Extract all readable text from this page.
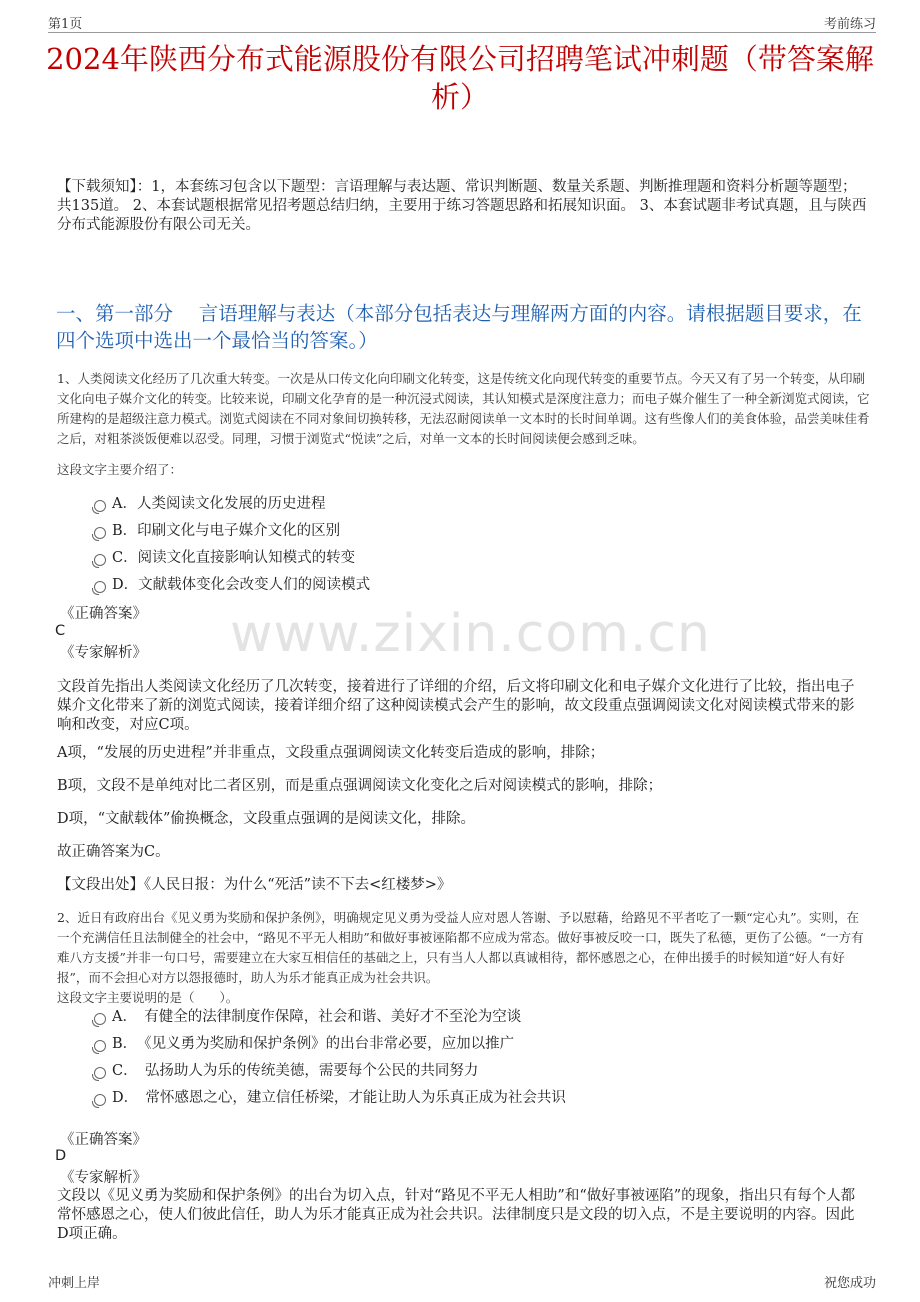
第1页	考前练习
2024年陕西分布式能源股份有限公司招聘笔试冲刺题（带答案解析）
【下载须知】：1，本套练习包含以下题型：言语理解与表达题、常识判断题、数量关系题、判断推理题和资料分析题等题型；共135道。 2、本套试题根据常见招考题总结归纳，主要用于练习答题思路和拓展知识面。 3、本套试题非考试真题，且与陕西分布式能源股份有限公司无关。
一、第一部分　 言语理解与表达（本部分包括表达与理解两方面的内容。请根据题目要求，在四个选项中选出一个最恰当的答案。）
1、人类阅读文化经历了几次重大转变。一次是从口传文化向印刷文化转变，这是传统文化向现代转变的重要节点。今天又有了另一个转变，从印刷文化向电子媒介文化的转变。比较来说，印刷文化孕育的是一种沉浸式阅读，其认知模式是深度注意力；而电子媒介催生了一种全新浏览式阅读，它所建构的是超级注意力模式。浏览式阅读在不同对象间切换转移，无法忍耐阅读单一文本时的长时间单调。这有些像人们的美食体验，品尝美味佳肴之后，对粗茶淡饭便难以忍受。同理，习惯于浏览式“悦读”之后，对单一文本的长时间阅读便会感到乏味。
这段文字主要介绍了：
A．人类阅读文化发展的历史进程
B．印刷文化与电子媒介文化的区别
C．阅读文化直接影响认知模式的转变
D．文献载体变化会改变人们的阅读模式
《正确答案》
C
《专家解析》
文段首先指出人类阅读文化经历了几次转变，接着进行了详细的介绍，后文将印刷文化和电子媒介文化进行了比较，指出电子媒介文化带来了新的浏览式阅读，接着详细介绍了这种阅读模式会产生的影响，故文段重点强调阅读文化对阅读模式带来的影响和改变，对应C项。
A项，“发展的历史进程”并非重点，文段重点强调阅读文化转变后造成的影响，排除；
B项，文段不是单纯对比二者区别，而是重点强调阅读文化变化之后对阅读模式的影响，排除；
D项，“文献载体”偷换概念，文段重点强调的是阅读文化，排除。
故正确答案为C。
【文段出处】《人民日报：为什么“死活”读不下去<红楼梦>》
2、近日有政府出台《见义勇为奖励和保护条例》，明确规定见义勇为受益人应对恩人答谢、予以慰藉，给路见不平者吃了一颗“定心丸”。实则，在一个充满信任且法制健全的社会中，“路见不平无人相助”和做好事被诬陷都不应成为常态。做好事被反咬一口，既失了私德，更伤了公德。“一方有难八方支援”并非一句口号，需要建立在大家互相信任的基础之上，只有当人人都以真诚相待，都怀感恩之心，在伸出援手的时候知道“好人有好报”，而不会担心对方以怨报德时，助人为乐才能真正成为社会共识。
这段文字主要说明的是（　　）。
A．　有健全的法律制度作保障，社会和谐、美好才不至沦为空谈
B．　《见义勇为奖励和保护条例》的出台非常必要，应加以推广
C．　弘扬助人为乐的传统美德，需要每个公民的共同努力
D．　常怀感恩之心，建立信任桥梁，才能让助人为乐真正成为社会共识
《正确答案》
D
《专家解析》
文段以《见义勇为奖励和保护条例》的出台为切入点，针对“路见不平无人相助”和“做好事被诬陷”的现象，指出只有每个人都常怀感恩之心，使人们彼此信任，助人为乐才能真正成为社会共识。法律制度只是文段的切入点，不是主要说明的内容。因此D项正确。
www.zixin.com.cn
冲刺上岸	祝您成功
